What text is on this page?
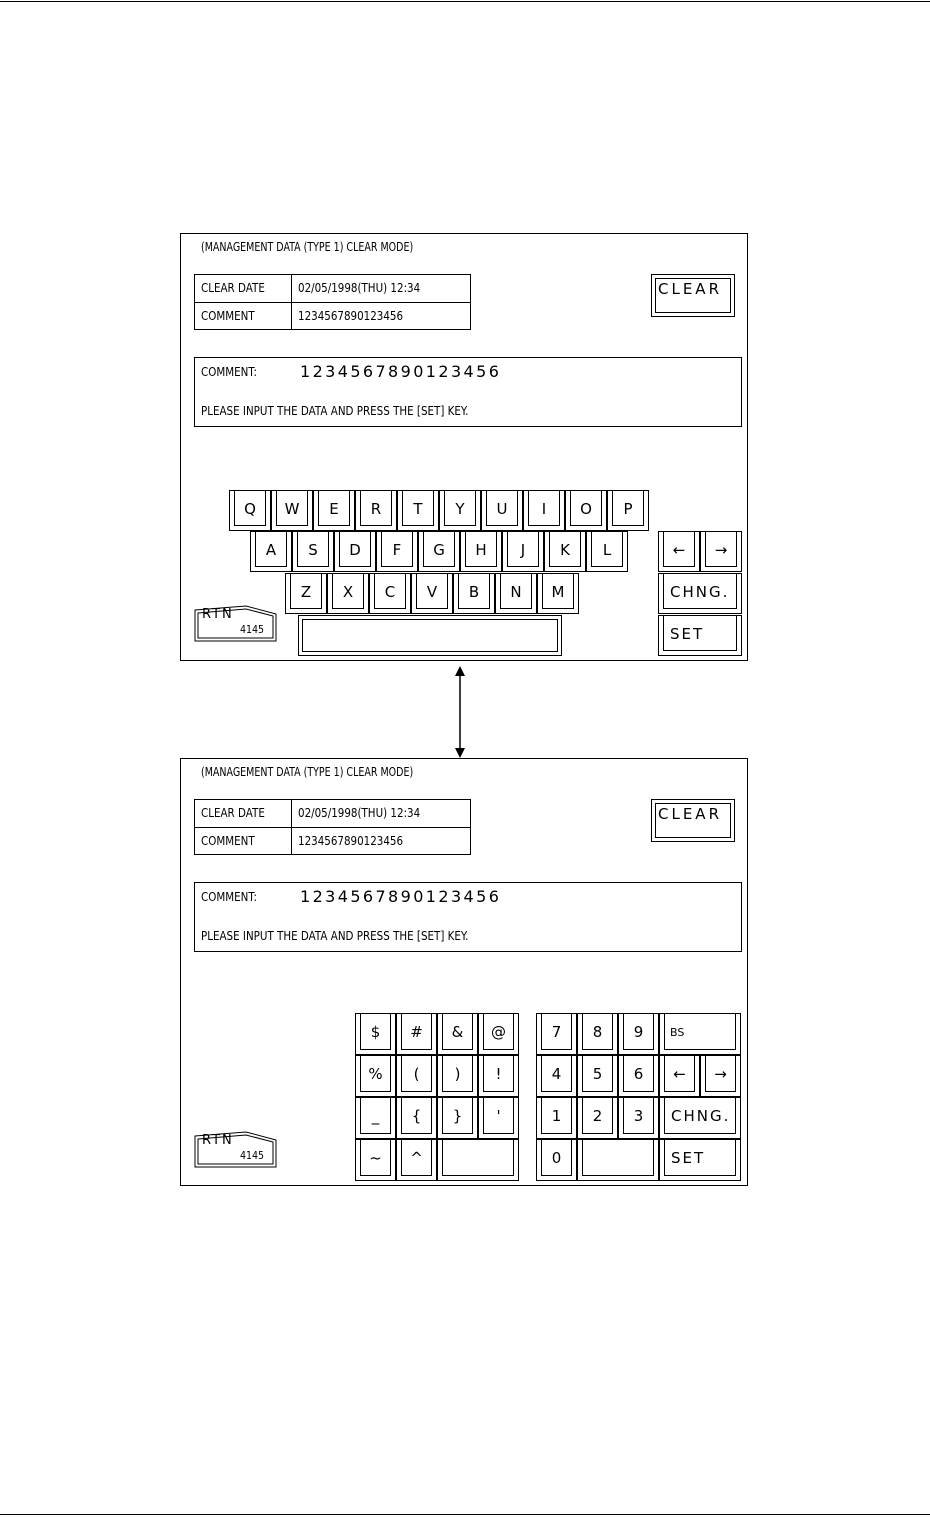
(MANAGEMENT DATA (TYPE 1) CLEAR MODE)
CLEAR DATE	02/05/1998(THU) 12:34
COMMENT	1234567890123456
CLEAR
COMMENT:	1234567890123456
PLEASE INPUT THE DATA AND PRESS THE [SET] KEY.
Q	W	E	R	T	Y	U	I	O	P
A	S	D	F	G	H	J	K	L
Z	X	C	V	B	N	M
←	→
CHNG.
SET
RTN
4145
(MANAGEMENT DATA (TYPE 1) CLEAR MODE)
CLEAR DATE	02/05/1998(THU) 12:34
COMMENT	1234567890123456
CLEAR
COMMENT:	1234567890123456
PLEASE INPUT THE DATA AND PRESS THE [SET] KEY.
$	#	&	@
%	(	)	!
_	{	}	'
~	^
7	8	9
4	5	6
1	2	3
0
BS
←	→
CHNG.
SET
RTN
4145
